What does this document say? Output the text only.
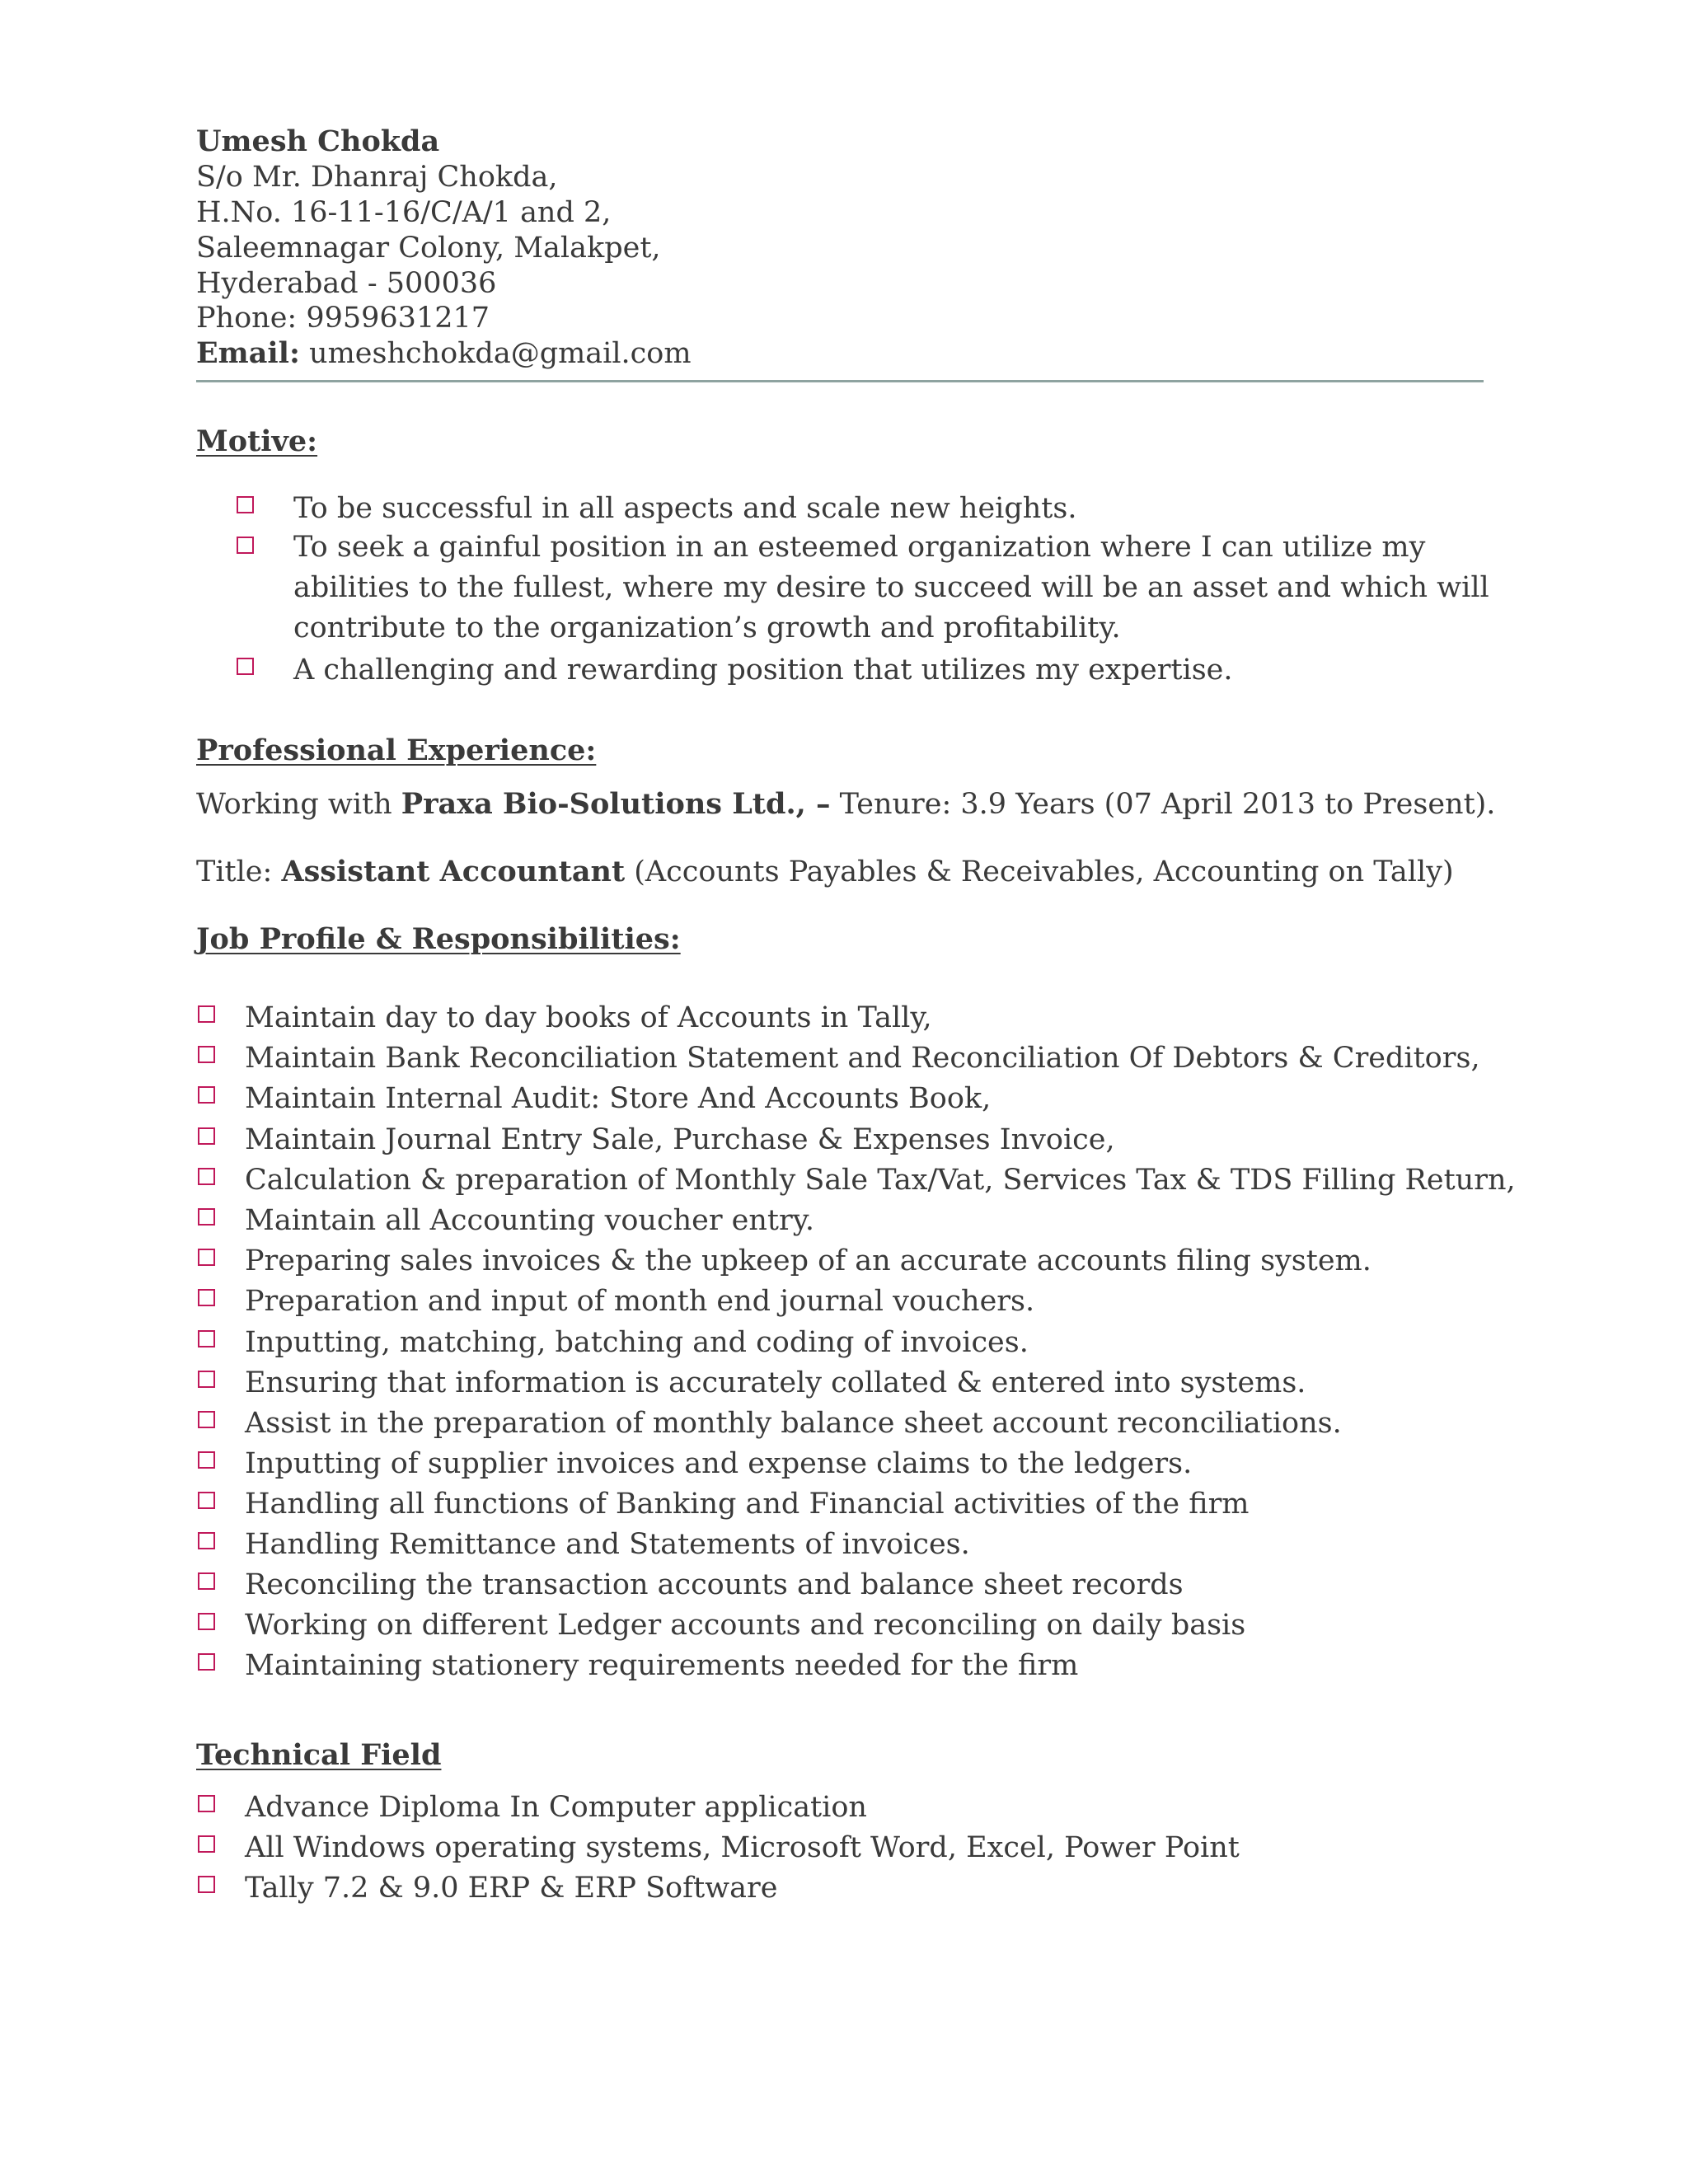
Umesh Chokda
S/o Mr. Dhanraj Chokda,
H.No. 16-11-16/C/A/1 and 2,
Saleemnagar Colony, Malakpet,
Hyderabad - 500036
Phone: 9959631217
Email: umeshchokda@gmail.com
Motive:
To be successful in all aspects and scale new heights.
To seek a gainful position in an esteemed organization where I can utilize my abilities to the fullest, where my desire to succeed will be an asset and which will contribute to the organization’s growth and profitability.
A challenging and rewarding position that utilizes my expertise.
Professional Experience:
Working with Praxa Bio-Solutions Ltd., – Tenure: 3.9 Years (07 April 2013 to Present).
Title: Assistant Accountant (Accounts Payables & Receivables, Accounting on Tally)
Job Profile & Responsibilities:
Maintain day to day books of Accounts in Tally,
Maintain Bank Reconciliation Statement and Reconciliation Of Debtors & Creditors,
Maintain Internal Audit: Store And Accounts Book,
Maintain Journal Entry Sale, Purchase & Expenses Invoice,
Calculation & preparation of Monthly Sale Tax/Vat, Services Tax & TDS Filling Return,
Maintain all Accounting voucher entry.
Preparing sales invoices & the upkeep of an accurate accounts filing system.
Preparation and input of month end journal vouchers.
Inputting, matching, batching and coding of invoices.
Ensuring that information is accurately collated & entered into systems.
Assist in the preparation of monthly balance sheet account reconciliations.
Inputting of supplier invoices and expense claims to the ledgers.
Handling all functions of Banking and Financial activities of the firm
Handling Remittance and Statements of invoices.
Reconciling the transaction accounts and balance sheet records
Working on different Ledger accounts and reconciling on daily basis
Maintaining stationery requirements needed for the firm
Technical Field
Advance Diploma In Computer application
All Windows operating systems, Microsoft Word, Excel, Power Point
Tally 7.2 & 9.0 ERP & ERP Software
